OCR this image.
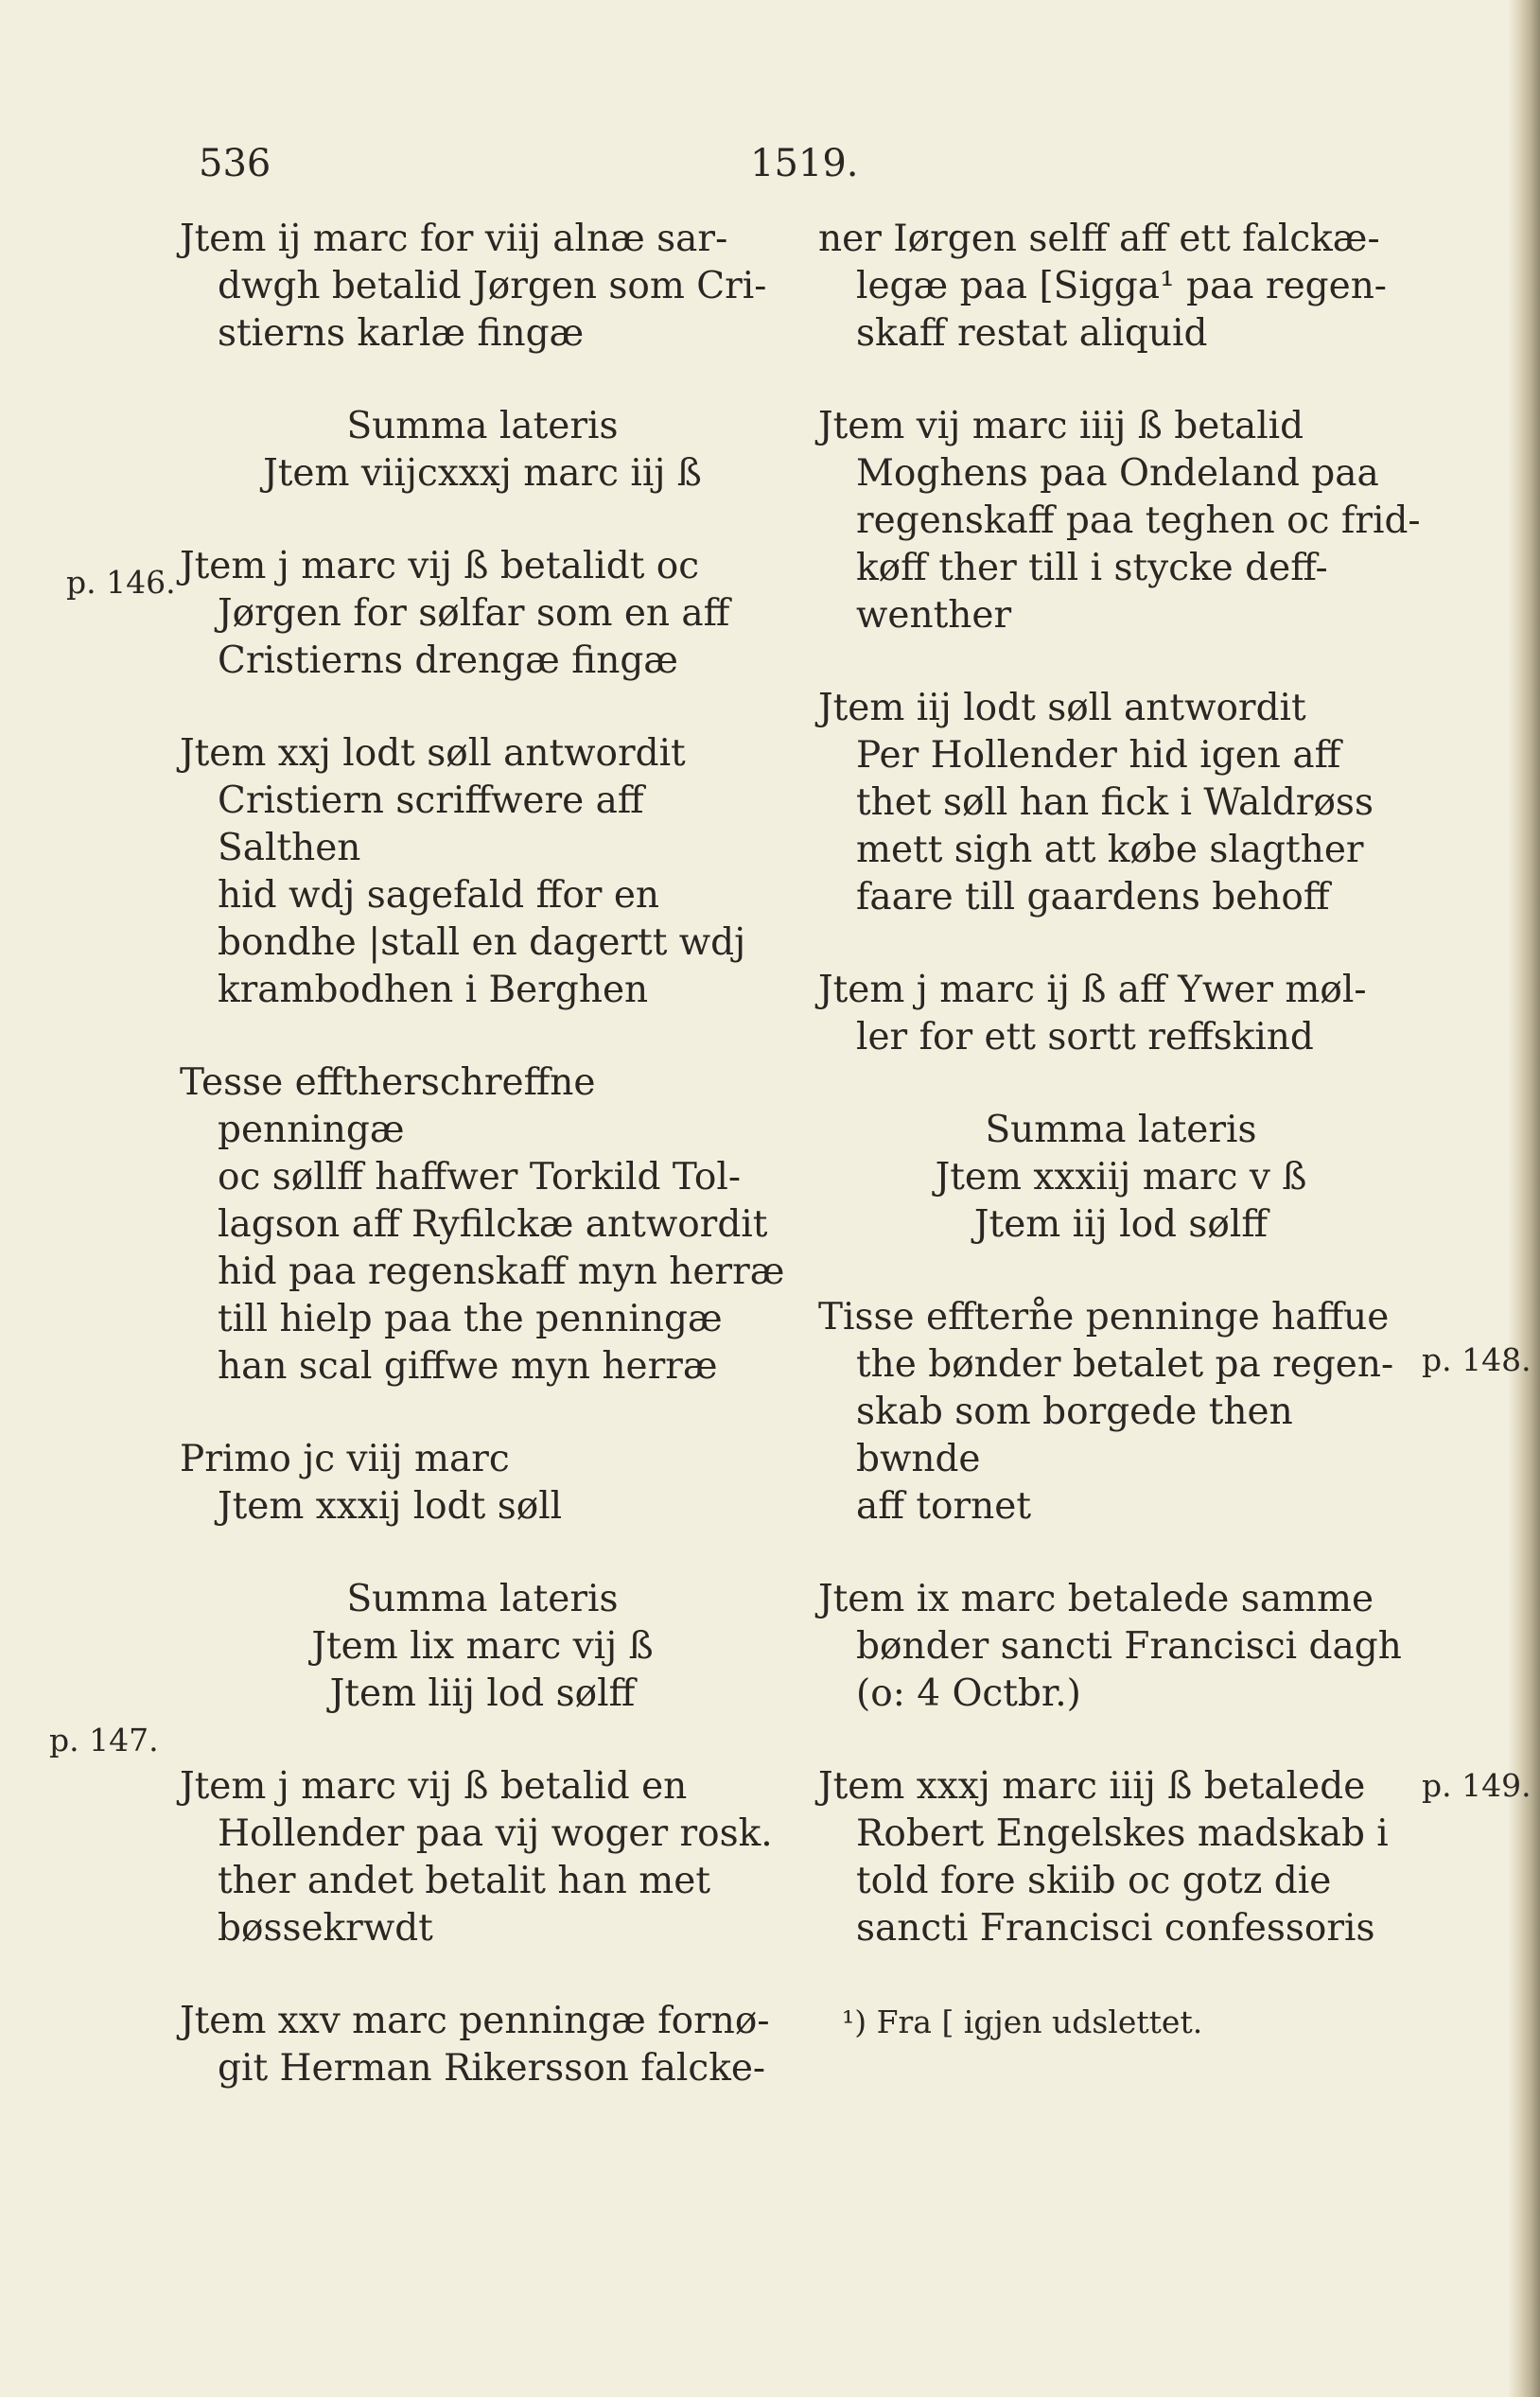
536	1519.

Jtem ij marc for viij alnæ sar-
dwgh betalid Jørgen som Cri-
stierns karlæ fingæ

Summa lateris
Jtem viijcxxxj marc iij ß

Jtem j marc vij ß betalidt oc
Jørgen for sølfar som en aff
Cristierns drengæ fingæ

Jtem xxj lodt søll antwordit
Cristiern scriffwere aff Salthen
hid wdj sagefald ffor en
bondhe |stall en dagertt wdj
krambodhen i Berghen

Tesse efftherschreffne penningæ
oc søllff haffwer Torkild Tol-
lagson aff Ryfilckæ antwordit
hid paa regenskaff myn herræ
till hielp paa the penningæ
han scal giffwe myn herræ

Primo jc viij marc
Jtem xxxij lodt søll

Summa lateris
Jtem lix marc vij ß
Jtem liij lod sølff

Jtem j marc vij ß betalid en
Hollender paa vij woger rosk.
ther andet betalit han met
bøssekrwdt

Jtem xxv marc penningæ fornø-
git Herman Rikersson falcke-

ner Iørgen selff aff ett falckæ-
legæ paa [Sigga¹ paa regen-
skaff restat aliquid

Jtem vij marc iiij ß betalid
Moghens paa Ondeland paa
regenskaff paa teghen oc frid-
køff ther till i stycke deff-
wenther

Jtem iij lodt søll antwordit
Per Hollender hid igen aff
thet søll han fick i Waldrøss
mett sigh att købe slagther
faare till gaardens behoff

Jtem j marc ij ß aff Ywer møl-
ler for ett sortt reffskind

Summa lateris
Jtem xxxiij marc v ß
Jtem iij lod sølff

Tisse efftern̊e penninge haffue
the bønder betalet pa regen-
skab som borgede then bwnde
aff tornet

Jtem ix marc betalede samme
bønder sancti Francisci dagh
(o: 4 Octbr.)

Jtem xxxj marc iiij ß betalede
Robert Engelskes madskab i
told fore skiib oc gotz die
sancti Francisci confessoris

p. 146.
p. 147.
p. 148.
p. 149.
¹) Fra [ igjen udslettet.
